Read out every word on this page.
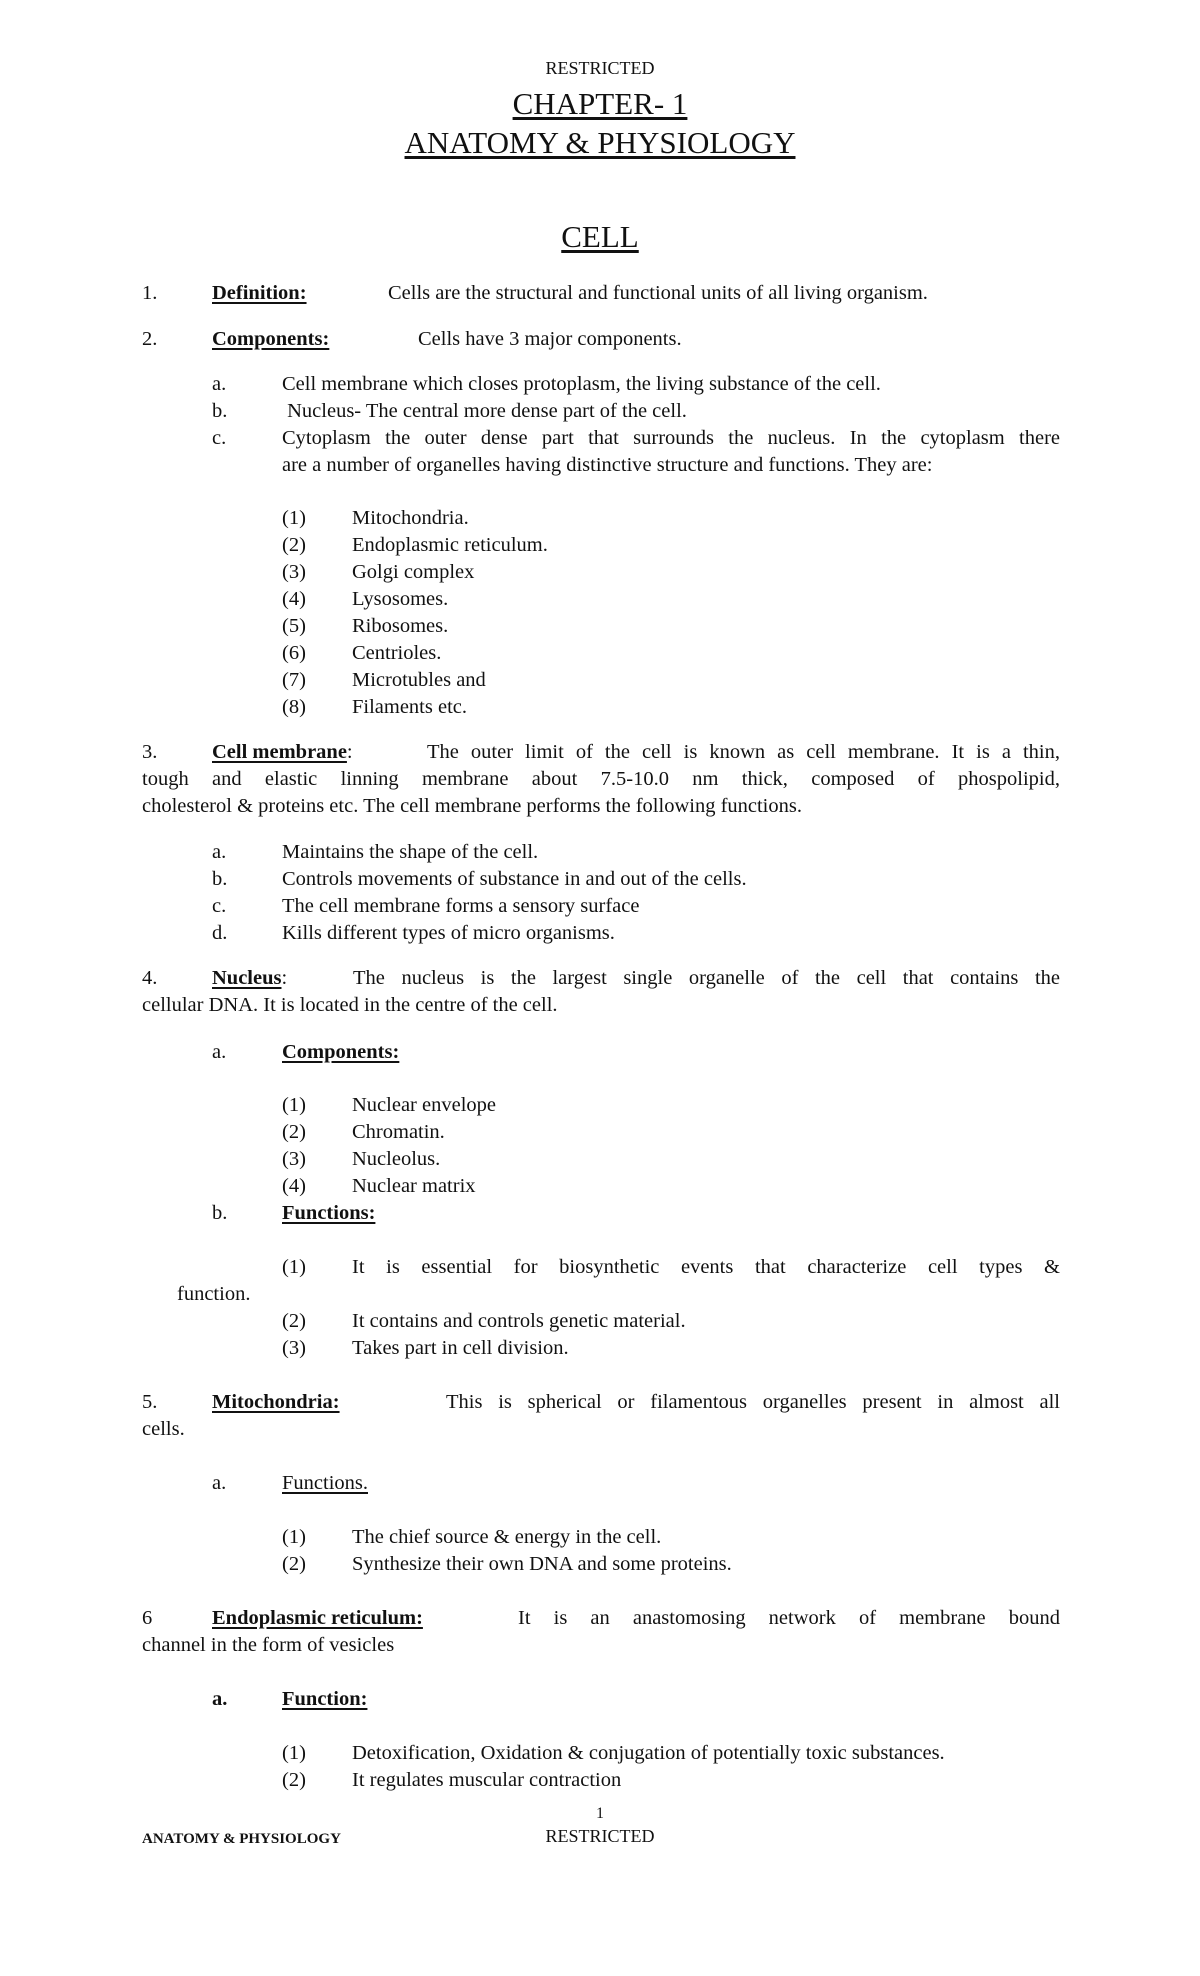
RESTRICTED
CHAPTER- 1
ANATOMY & PHYSIOLOGY
CELL
1.	Definition:	Cells are the structural and functional units of all living organism.
2.	Components:	Cells have 3 major components.
a.	Cell membrane which closes protoplasm, the living substance of the cell.
b.	Nucleus- The central more dense part of the cell.
c.	Cytoplasm the outer dense part that surrounds the nucleus. In the cytoplasm there
are a number of organelles having distinctive structure and functions. They are:
(1) Mitochondria.
(2) Endoplasmic reticulum.
(3) Golgi complex
(4) Lysosomes.
(5) Ribosomes.
(6) Centrioles.
(7) Microtubles and
(8) Filaments etc.
3.	Cell membrane:	The outer limit of the cell is known as cell membrane. It is a thin,
tough and elastic linning membrane about 7.5-10.0 nm thick, composed of phospolipid,
cholesterol & proteins etc. The cell membrane performs the following functions.
a.	Maintains the shape of the cell.
b.	Controls movements of substance in and out of the cells.
c.	The cell membrane forms a sensory surface
d.	Kills different types of micro organisms.
4.	Nucleus:	The nucleus is the largest single organelle of the cell that contains the
cellular DNA. It is located in the centre of the cell.
a.	Components:
(1) Nuclear envelope
(2) Chromatin.
(3) Nucleolus.
(4) Nuclear matrix
b.	Functions:
(1) It is essential for biosynthetic events that characterize cell types &
function.
(2) It contains and controls genetic material.
(3) Takes part in cell division.
5.	Mitochondria:	This is spherical or filamentous organelles present in almost all
cells.
a.	Functions.
(1) The chief source & energy in the cell.
(2) Synthesize their own DNA and some proteins.
6	Endoplasmic reticulum:	It is an anastomosing network of membrane bound
channel in the form of vesicles
a.	Function:
(1) Detoxification, Oxidation & conjugation of potentially toxic substances.
(2) It regulates muscular contraction
1
ANATOMY & PHYSIOLOGY	RESTRICTED
